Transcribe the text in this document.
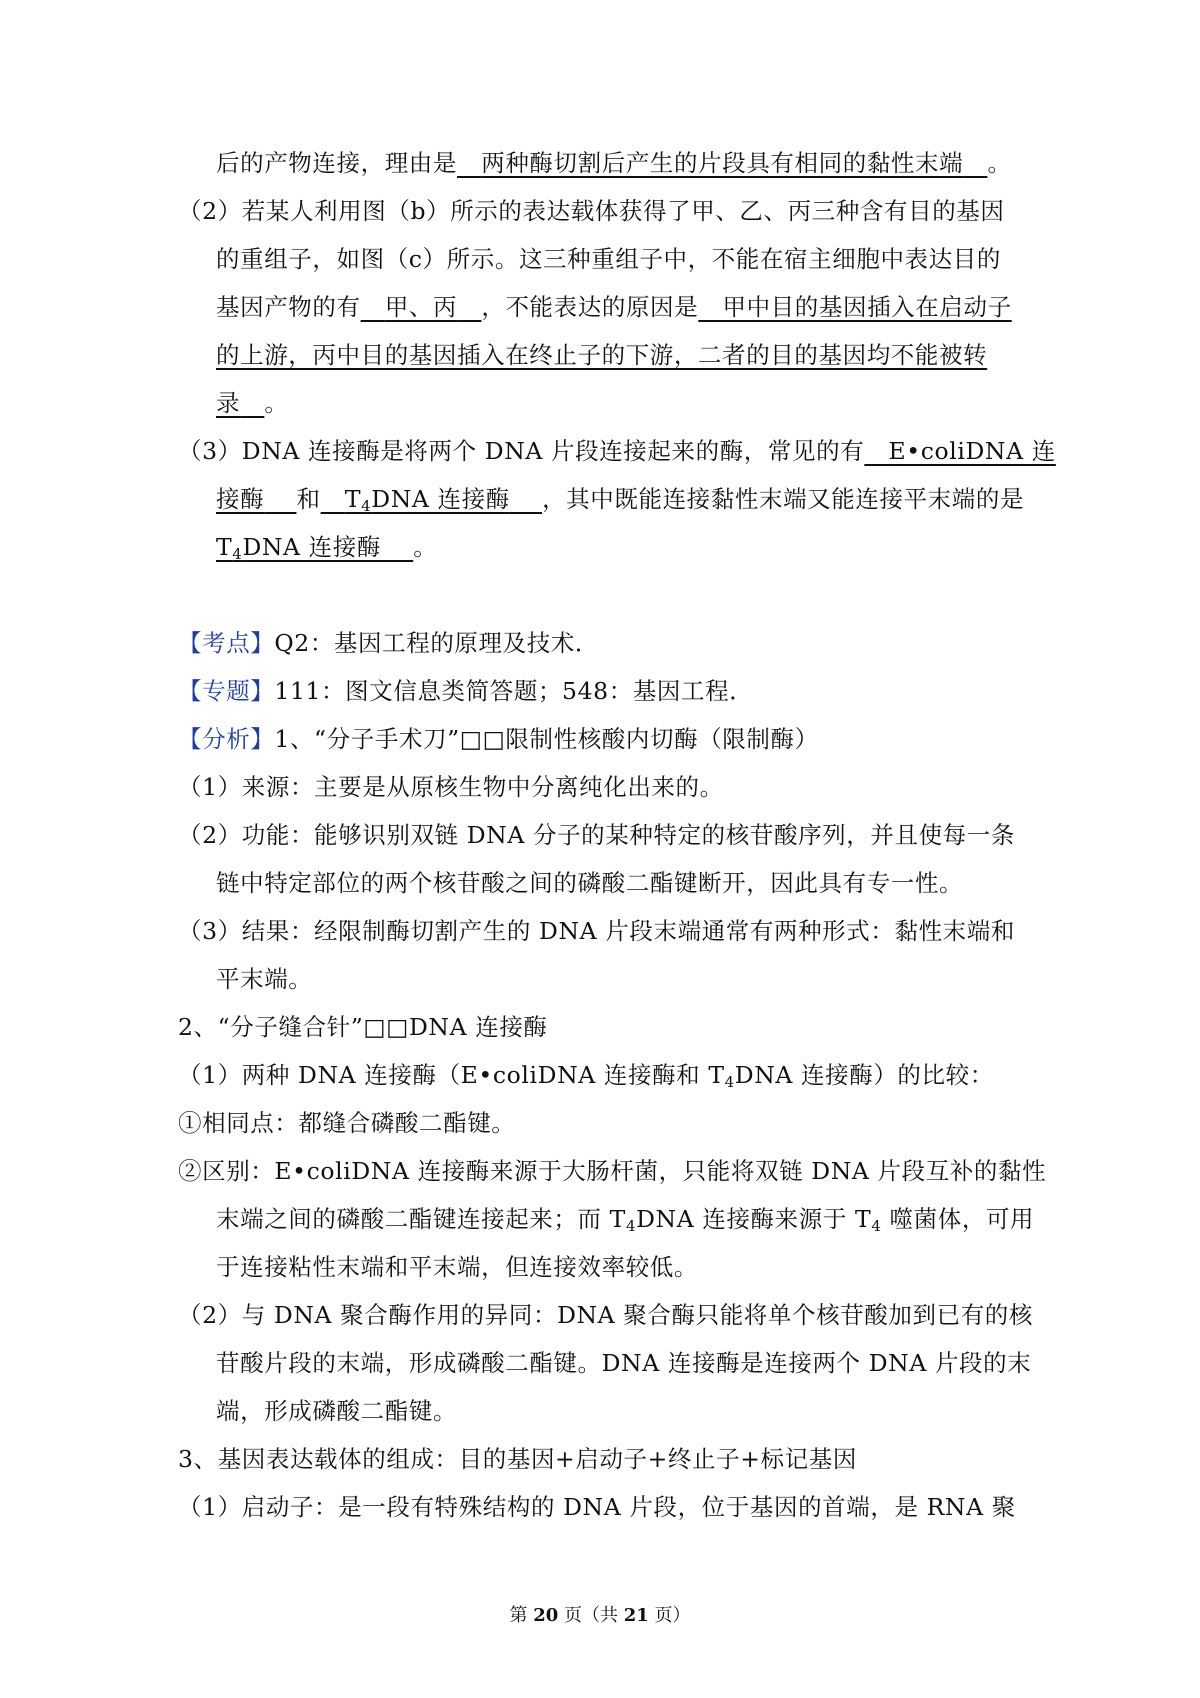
后的产物连接，理由是 两种酶切割后产生的片段具有相同的黏性末端 。
（2）若某人利用图（b）所示的表达载体获得了甲、乙、丙三种含有目的基因
的重组子，如图（c）所示。这三种重组子中，不能在宿主细胞中表达目的
基因产物的有 甲、丙 ，不能表达的原因是 甲中目的基因插入在启动子
的上游，丙中目的基因插入在终止子的下游，二者的目的基因均不能被转
录 。
（3）DNA 连接酶是将两个 DNA 片段连接起来的酶，常见的有 E•coliDNA 连
接酶 和 $T_4DNA$ 连接酶 ，其中既能连接黏性末端又能连接平末端的是
$T_4DNA$ 连接酶 。
【考点】Q2：基因工程的原理及技术．
【专题】111：图文信息类简答题；548：基因工程．
【分析】1、“分子手术刀”□□限制性核酸内切酶（限制酶）
（1）来源：主要是从原核生物中分离纯化出来的。
（2）功能：能够识别双链 DNA 分子的某种特定的核苷酸序列，并且使每一条
链中特定部位的两个核苷酸之间的磷酸二酯键断开，因此具有专一性。
（3）结果：经限制酶切割产生的 DNA 片段末端通常有两种形式：黏性末端和
平末端。
2、“分子缝合针”□□DNA 连接酶
（1）两种 DNA 连接酶（E•coliDNA 连接酶和 $T_4DNA$ 连接酶）的比较：
①相同点：都缝合磷酸二酯键。
②区别：E•coliDNA 连接酶来源于大肠杆菌，只能将双链 DNA 片段互补的黏性
末端之间的磷酸二酯键连接起来；而 $T_4DNA$ 连接酶来源于 $T_4$ 噬菌体，可用
于连接粘性末端和平末端，但连接效率较低。
（2）与 DNA 聚合酶作用的异同：DNA 聚合酶只能将单个核苷酸加到已有的核
苷酸片段的末端，形成磷酸二酯键。DNA 连接酶是连接两个 DNA 片段的末
端，形成磷酸二酯键。
3、基因表达载体的组成：目的基因+启动子+终止子+标记基因
（1）启动子：是一段有特殊结构的 DNA 片段，位于基因的首端，是 RNA 聚
第 20 页（共 21 页）
